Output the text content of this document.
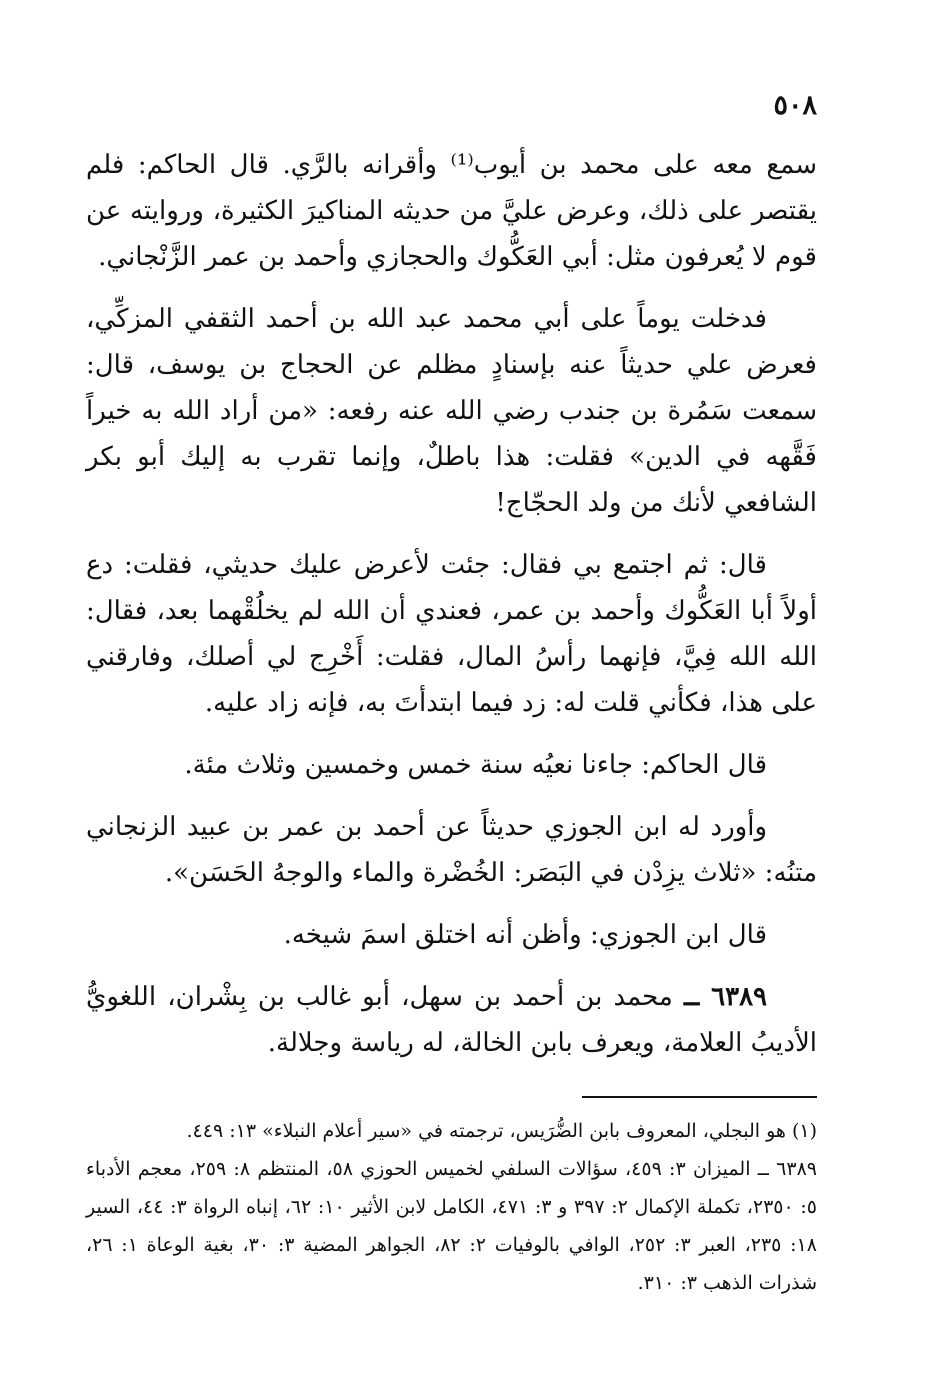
٥٠٨

سمع معه على محمد بن أيوب⁽¹⁾ وأقرانه بالرَّي. قال الحاكم: فلم يقتصر على ذلك، وعرض عليَّ من حديثه المناكيرَ الكثيرة، وروايته عن قوم لا يُعرفون مثل: أبي العَكُّوك والحجازي وأحمد بن عمر الزَّنْجاني.

فدخلت يوماً على أبي محمد عبد الله بن أحمد الثقفي المزكِّي، فعرض علي حديثاً عنه بإسنادٍ مظلم عن الحجاج بن يوسف، قال: سمعت سَمُرة بن جندب رضي الله عنه رفعه: «من أراد الله به خيراً فَقَّهه في الدين» فقلت: هذا باطلٌ، وإنما تقرب به إليك أبو بكر الشافعي لأنك من ولد الحجّاج!

قال: ثم اجتمع بي فقال: جئت لأعرض عليك حديثي، فقلت: دع أولاً أبا العَكُّوك وأحمد بن عمر، فعندي أن الله لم يخلُقْهما بعد، فقال: الله الله فِيَّ، فإنهما رأسُ المال، فقلت: أَخْرِج لي أصلك، وفارقني على هذا، فكأني قلت له: زد فيما ابتدأتَ به، فإنه زاد عليه.

قال الحاكم: جاءنا نعيُه سنة خمس وخمسين وثلاث مئة.

وأورد له ابن الجوزي حديثاً عن أحمد بن عمر بن عبيد الزنجاني متنُه: «ثلاث يزِدْن في البَصَر: الخُضْرة والماء والوجهُ الحَسَن».

قال ابن الجوزي: وأظن أنه اختلق اسمَ شيخه.

٦٣٨٩ ــ محمد بن أحمد بن سهل، أبو غالب بن بِشْران، اللغويُّ الأديبُ العلامة، ويعرف بابن الخالة، له رياسة وجلالة.

(١) هو البجلي، المعروف بابن الضُّرَيس، ترجمته في «سير أعلام النبلاء» ١٣: ٤٤٩.

٦٣٨٩ ــ الميزان ٣: ٤٥٩، سؤالات السلفي لخميس الحوزي ٥٨، المنتظم ٨: ٢٥٩، معجم الأدباء ٥: ٢٣٥٠، تكملة الإكمال ٢: ٣٩٧ و ٣: ٤٧١، الكامل لابن الأثير ١٠: ٦٢، إنباه الرواة ٣: ٤٤، السير ١٨: ٢٣٥، العبر ٣: ٢٥٢، الوافي بالوفيات ٢: ٨٢، الجواهر المضية ٣: ٣٠، بغية الوعاة ١: ٢٦، شذرات الذهب ٣: ٣١٠.
